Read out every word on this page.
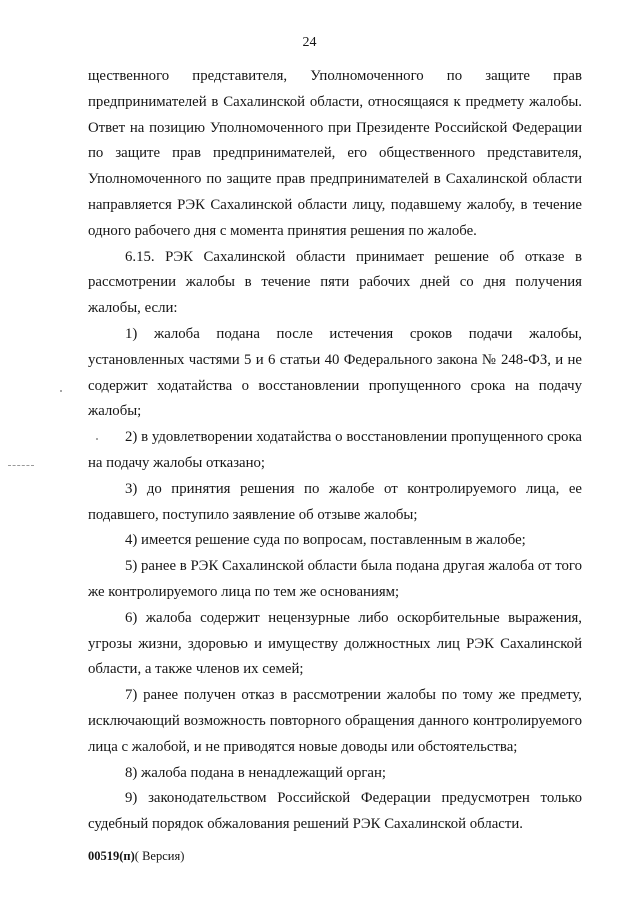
24

щественного представителя, Уполномоченного по защите прав предпринимателей в Сахалинской области, относящаяся к предмету жалобы. Ответ на позицию Уполномоченного при Президенте Российской Федерации по защите прав предпринимателей, его общественного представителя, Уполномоченного по защите прав предпринимателей в Сахалинской области направляется РЭК Сахалинской области лицу, подавшему жалобу, в течение одного рабочего дня с момента принятия решения по жалобе.

6.15. РЭК Сахалинской области принимает решение об отказе в рассмотрении жалобы в течение пяти рабочих дней со дня получения жалобы, если:

1) жалоба подана после истечения сроков подачи жалобы, установленных частями 5 и 6 статьи 40 Федерального закона № 248-ФЗ, и не содержит ходатайства о восстановлении пропущенного срока на подачу жалобы;

2) в удовлетворении ходатайства о восстановлении пропущенного срока на подачу жалобы отказано;

3) до принятия решения по жалобе от контролируемого лица, ее подавшего, поступило заявление об отзыве жалобы;

4) имеется решение суда по вопросам, поставленным в жалобе;

5) ранее в РЭК Сахалинской области была подана другая жалоба от того же контролируемого лица по тем же основаниям;

6) жалоба содержит нецензурные либо оскорбительные выражения, угрозы жизни, здоровью и имуществу должностных лиц РЭК Сахалинской области, а также членов их семей;

7) ранее получен отказ в рассмотрении жалобы по тому же предмету, исключающий возможность повторного обращения данного контролируемого лица с жалобой, и не приводятся новые доводы или обстоятельства;

8) жалоба подана в ненадлежащий орган;

9) законодательством Российской Федерации предусмотрен только судебный порядок обжалования решений РЭК Сахалинской области.

00519(п)( Версия)
